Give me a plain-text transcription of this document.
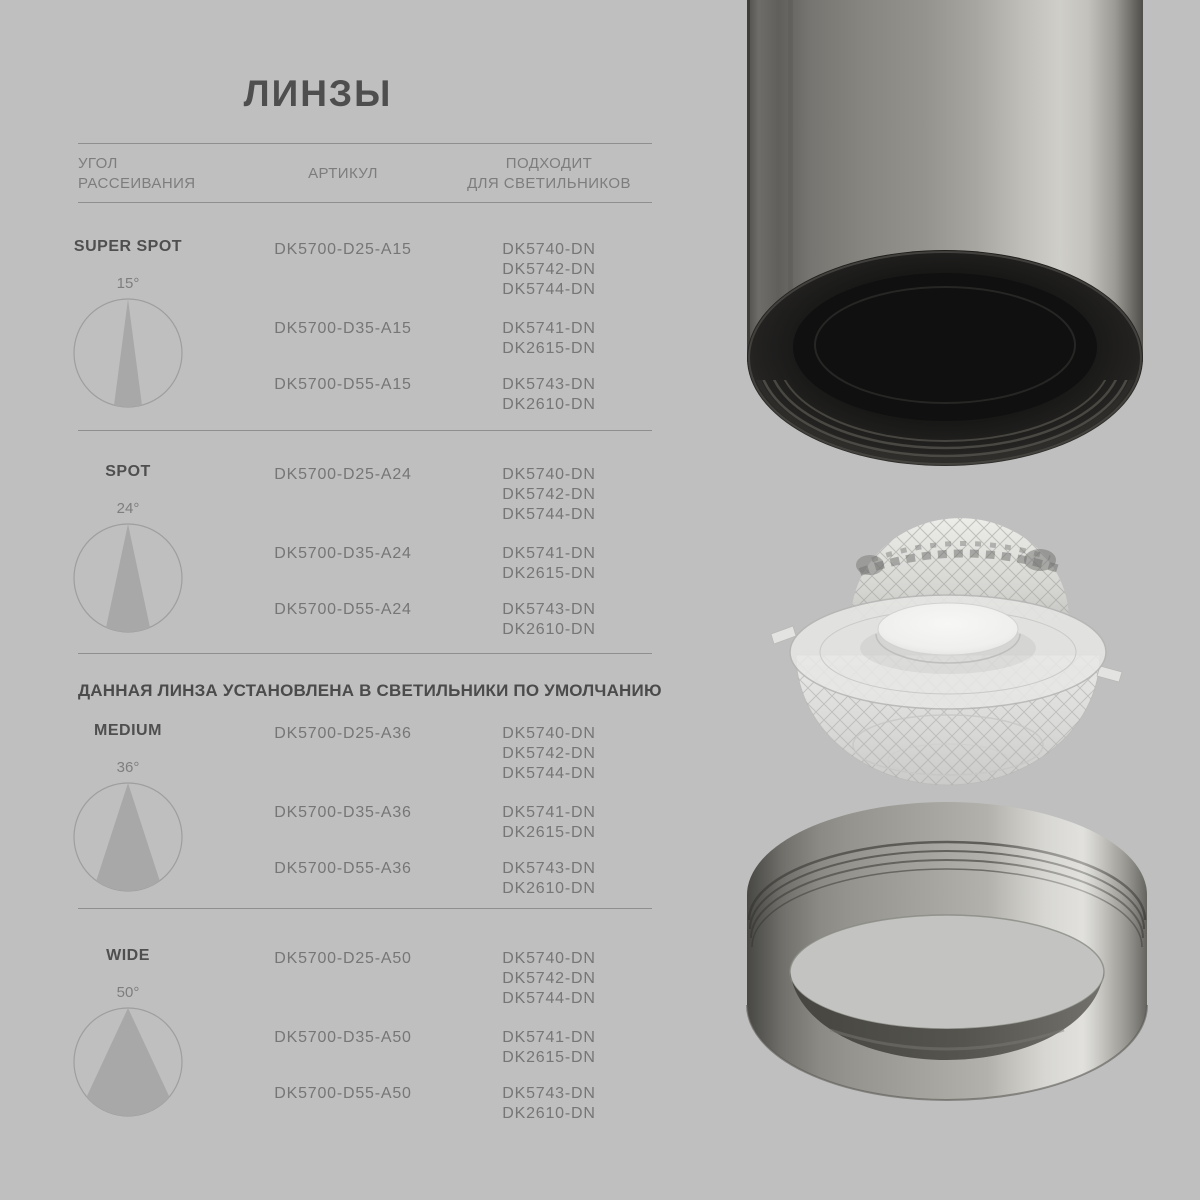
ЛИНЗЫ
УГОЛ
РАССЕИВАНИЯ
АРТИКУЛ
ПОДХОДИТ
ДЛЯ СВЕТИЛЬНИКОВ
ДАННАЯ ЛИНЗА УСТАНОВЛЕНА В СВЕТИЛЬНИКИ ПО УМОЛЧАНИЮ
SUPER SPOT
15°
DK5700-D25-A15	DK5740-DN
DK5742-DN
DK5744-DN
DK5700-D35-A15	DK5741-DN
DK2615-DN
DK5700-D55-A15	DK5743-DN
DK2610-DN
SPOT
24°
DK5700-D25-A24	DK5740-DN
DK5742-DN
DK5744-DN
DK5700-D35-A24	DK5741-DN
DK2615-DN
DK5700-D55-A24	DK5743-DN
DK2610-DN
MEDIUM
36°
DK5700-D25-A36	DK5740-DN
DK5742-DN
DK5744-DN
DK5700-D35-A36	DK5741-DN
DK2615-DN
DK5700-D55-A36	DK5743-DN
DK2610-DN
WIDE
50°
DK5700-D25-A50	DK5740-DN
DK5742-DN
DK5744-DN
DK5700-D35-A50	DK5741-DN
DK2615-DN
DK5700-D55-A50	DK5743-DN
DK2610-DN
